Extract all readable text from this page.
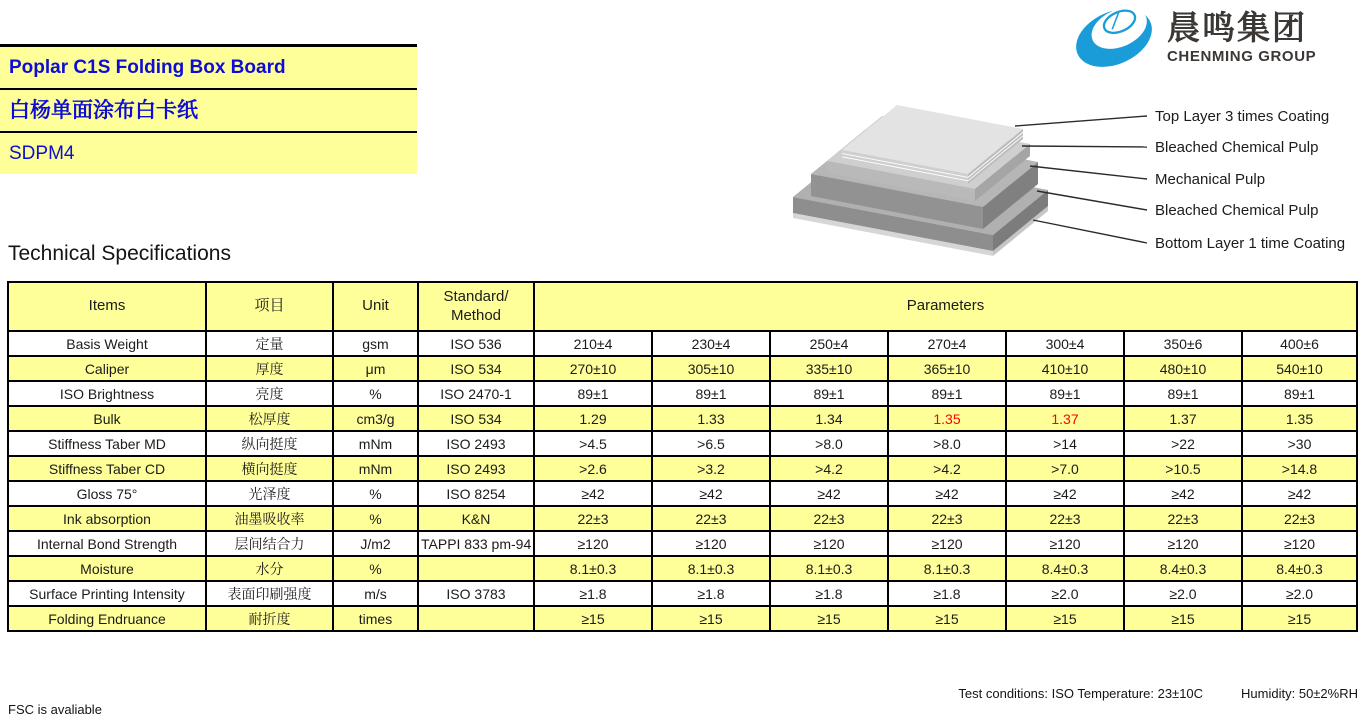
Poplar C1S Folding Box Board
白杨单面涂布白卡纸
SDPM4
晨鸣集团
CHENMING GROUP
Top Layer 3 times Coating
Bleached Chemical Pulp
Mechanical Pulp
Bleached Chemical Pulp
Bottom Layer 1 time Coating
Technical Specifications
Items	项目	Unit	Standard/
Method	Parameters						
Basis Weight	定量	gsm	ISO 536	210±4	230±4	250±4	270±4	300±4	350±6	400±6
Caliper	厚度	μm	ISO 534	270±10	305±10	335±10	365±10	410±10	480±10	540±10
ISO Brightness	亮度	%	ISO 2470-1	89±1	89±1	89±1	89±1	89±1	89±1	89±1
Bulk	松厚度	cm3/g	ISO 534	1.29	1.33	1.34	1.35	1.37	1.37	1.35
Stiffness Taber MD	纵向挺度	mNm	ISO 2493	>4.5	>6.5	>8.0	>8.0	>14	>22	>30
Stiffness Taber CD	横向挺度	mNm	ISO 2493	>2.6	>3.2	>4.2	>4.2	>7.0	>10.5	>14.8
Gloss 75°	光泽度	%	ISO 8254	≥42	≥42	≥42	≥42	≥42	≥42	≥42
Ink absorption	油墨吸收率	%	K&N	22±3	22±3	22±3	22±3	22±3	22±3	22±3
Internal Bond Strength	层间结合力	J/m2	TAPPI 833 pm-94	≥120	≥120	≥120	≥120	≥120	≥120	≥120
Moisture	水分	%		8.1±0.3	8.1±0.3	8.1±0.3	8.1±0.3	8.4±0.3	8.4±0.3	8.4±0.3
Surface Printing Intensity	表面印刷强度	m/s	ISO 3783	≥1.8	≥1.8	≥1.8	≥1.8	≥2.0	≥2.0	≥2.0
Folding Endruance	耐折度	times		≥15	≥15	≥15	≥15	≥15	≥15	≥15
Test conditions: ISO Temperature: 23±10C	Humidity: 50±2%RH
FSC is avaliable
